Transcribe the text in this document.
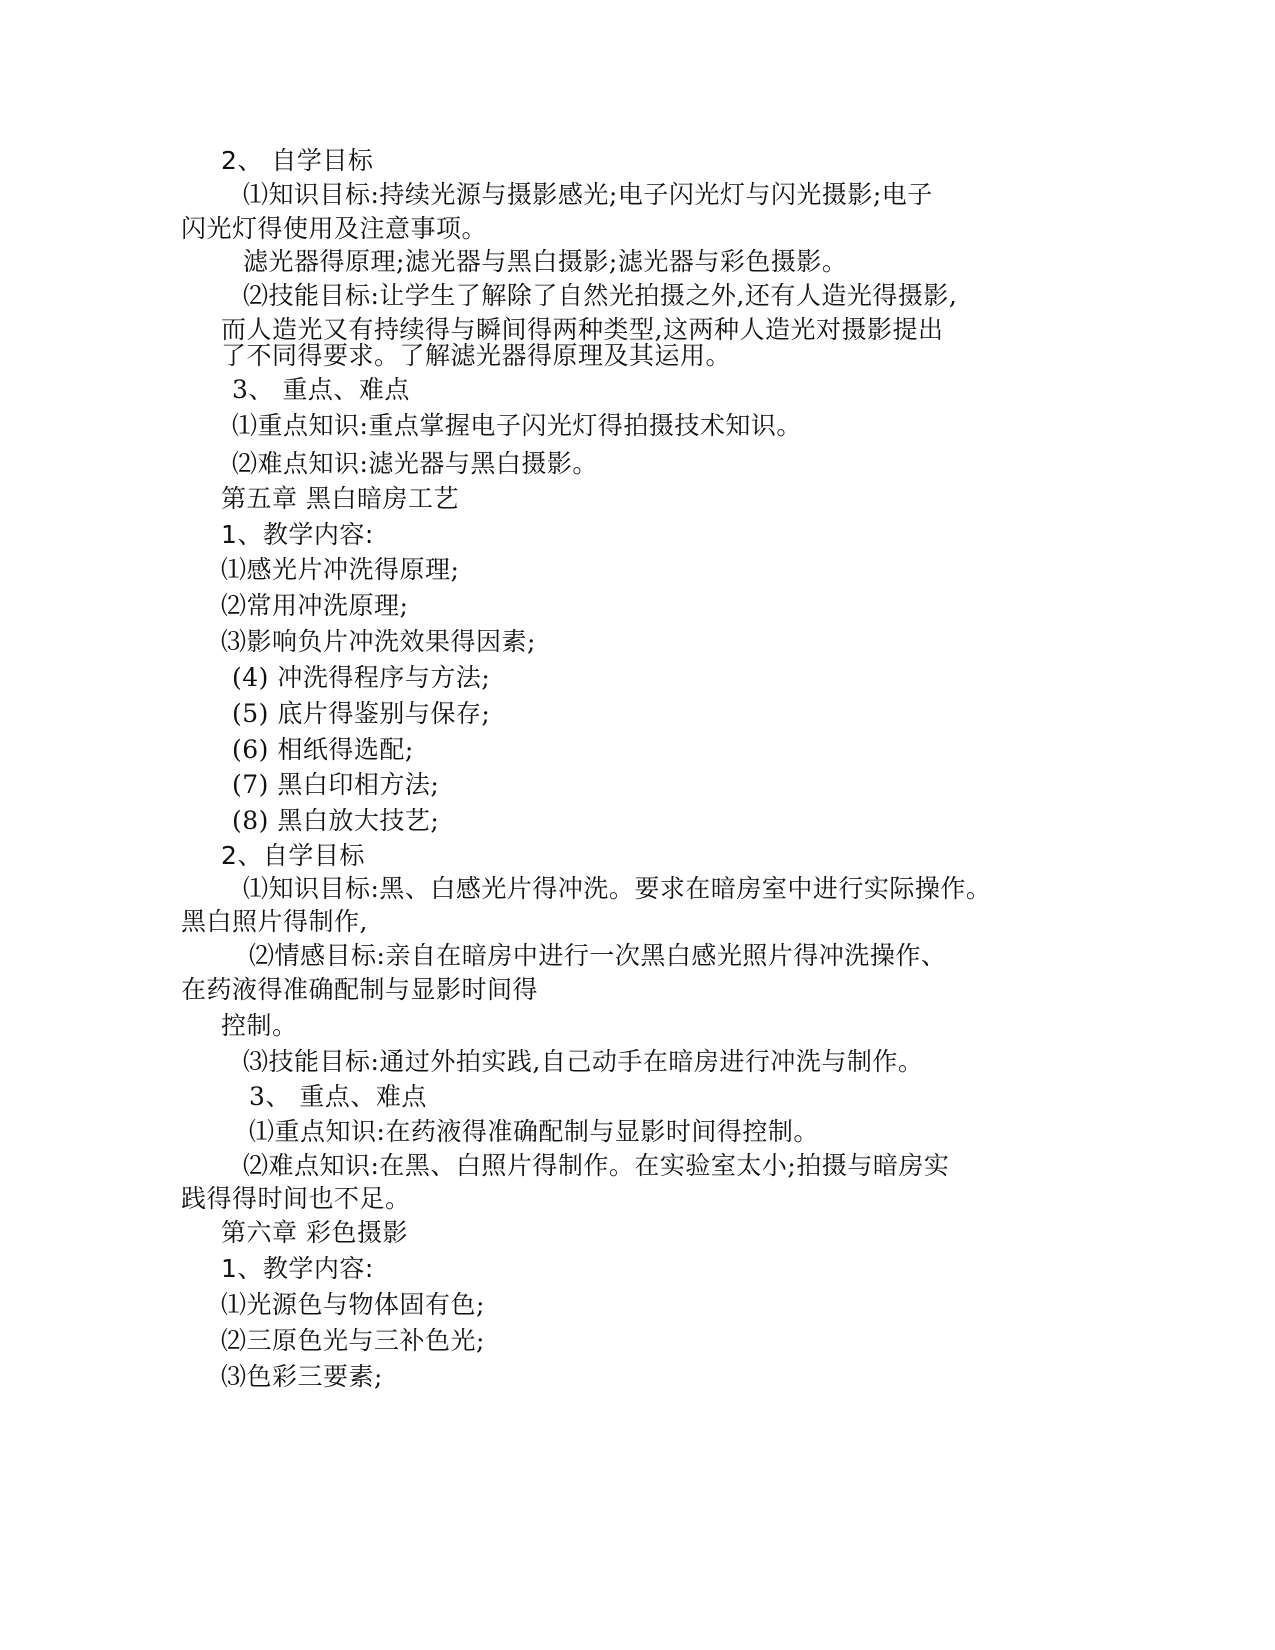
2、 自学目标
⑴知识目标:持续光源与摄影感光;电子闪光灯与闪光摄影;电子
闪光灯得使用及注意事项。
滤光器得原理;滤光器与黑白摄影;滤光器与彩色摄影。
⑵技能目标:让学生了解除了自然光拍摄之外,还有人造光得摄影,
而人造光又有持续得与瞬间得两种类型,这两种人造光对摄影提出
了不同得要求。了解滤光器得原理及其运用。
3、 重点、难点
⑴重点知识:重点掌握电子闪光灯得拍摄技术知识。
⑵难点知识:滤光器与黑白摄影。
第五章 黑白暗房工艺
1、教学内容:
⑴感光片冲洗得原理;
⑵常用冲洗原理;
⑶影响负片冲洗效果得因素;
(4) 冲洗得程序与方法;
(5) 底片得鉴别与保存;
(6) 相纸得选配;
(7) 黑白印相方法;
(8) 黑白放大技艺;
2、自学目标
⑴知识目标:黑、白感光片得冲洗。要求在暗房室中进行实际操作。
黑白照片得制作,
⑵情感目标:亲自在暗房中进行一次黑白感光照片得冲洗操作、
在药液得准确配制与显影时间得
控制。
⑶技能目标:通过外拍实践,自己动手在暗房进行冲洗与制作。
3、 重点、难点
⑴重点知识:在药液得准确配制与显影时间得控制。
⑵难点知识:在黑、白照片得制作。在实验室太小;拍摄与暗房实
践得得时间也不足。
第六章 彩色摄影
1、教学内容:
⑴光源色与物体固有色;
⑵三原色光与三补色光;
⑶色彩三要素;
